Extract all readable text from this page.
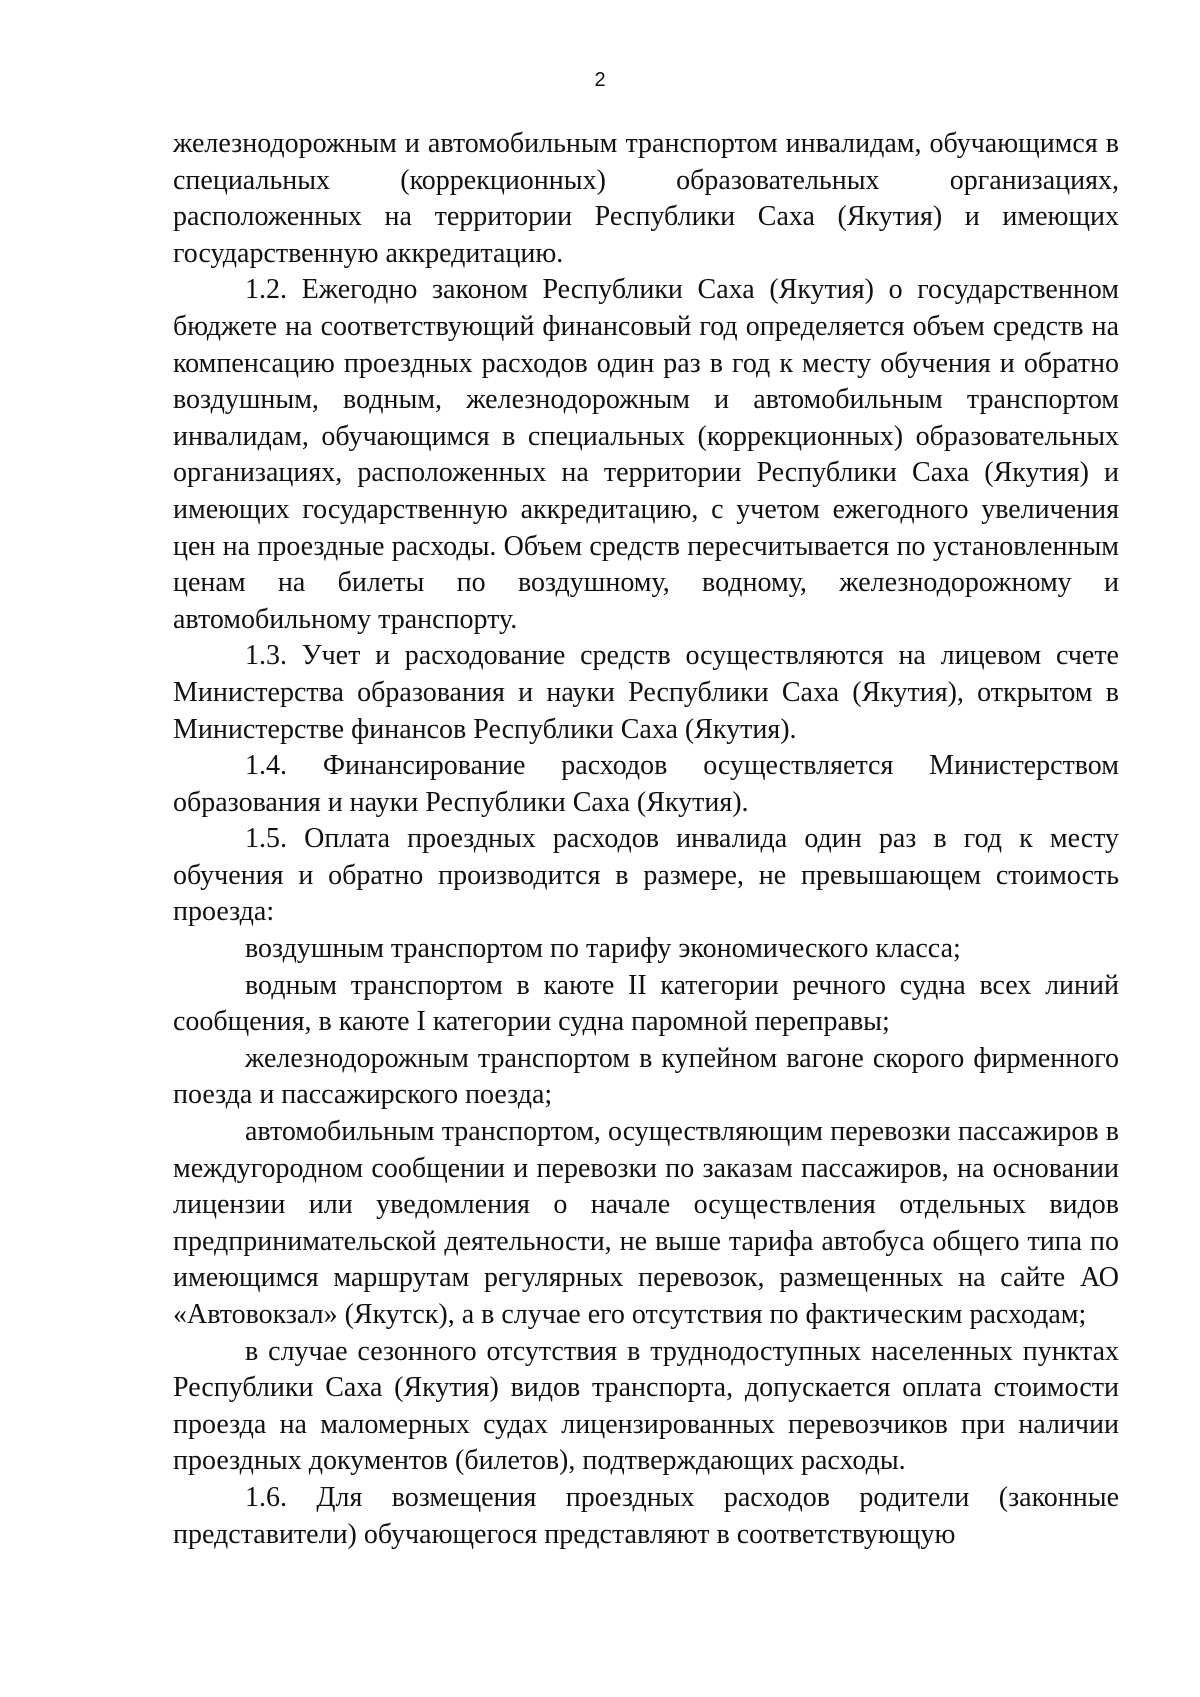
2

железнодорожным и автомобильным транспортом инвалидам, обучающимся в специальных (коррекционных) образовательных организациях, расположенных на территории Республики Саха (Якутия) и имеющих государственную аккредитацию.

1.2. Ежегодно законом Республики Саха (Якутия) о государственном бюджете на соответствующий финансовый год определяется объем средств на компенсацию проездных расходов один раз в год к месту обучения и обратно воздушным, водным, железнодорожным и автомобильным транспортом инвалидам, обучающимся в специальных (коррекционных) образовательных организациях, расположенных на территории Республики Саха (Якутия) и имеющих государственную аккредитацию, с учетом ежегодного увеличения цен на проездные расходы. Объем средств пересчитывается по установленным ценам на билеты по воздушному, водному, железнодорожному и автомобильному транспорту.

1.3. Учет и расходование средств осуществляются на лицевом счете Министерства образования и науки Республики Саха (Якутия), открытом в Министерстве финансов Республики Саха (Якутия).

1.4. Финансирование расходов осуществляется Министерством образования и науки Республики Саха (Якутия).

1.5. Оплата проездных расходов инвалида один раз в год к месту обучения и обратно производится в размере, не превышающем стоимость проезда:

воздушным транспортом по тарифу экономического класса;

водным транспортом в каюте II категории речного судна всех линий сообщения, в каюте I категории судна паромной переправы;

железнодорожным транспортом в купейном вагоне скорого фирменного поезда и пассажирского поезда;

автомобильным транспортом, осуществляющим перевозки пассажиров в междугородном сообщении и перевозки по заказам пассажиров, на основании лицензии или уведомления о начале осуществления отдельных видов предпринимательской деятельности, не выше тарифа автобуса общего типа по имеющимся маршрутам регулярных перевозок, размещенных на сайте АО «Автовокзал» (Якутск), а в случае его отсутствия по фактическим расходам;

в случае сезонного отсутствия в труднодоступных населенных пунктах Республики Саха (Якутия) видов транспорта, допускается оплата стоимости проезда на маломерных судах лицензированных перевозчиков при наличии проездных документов (билетов), подтверждающих расходы.

1.6. Для возмещения проездных расходов родители (законные представители) обучающегося представляют в соответствующую
